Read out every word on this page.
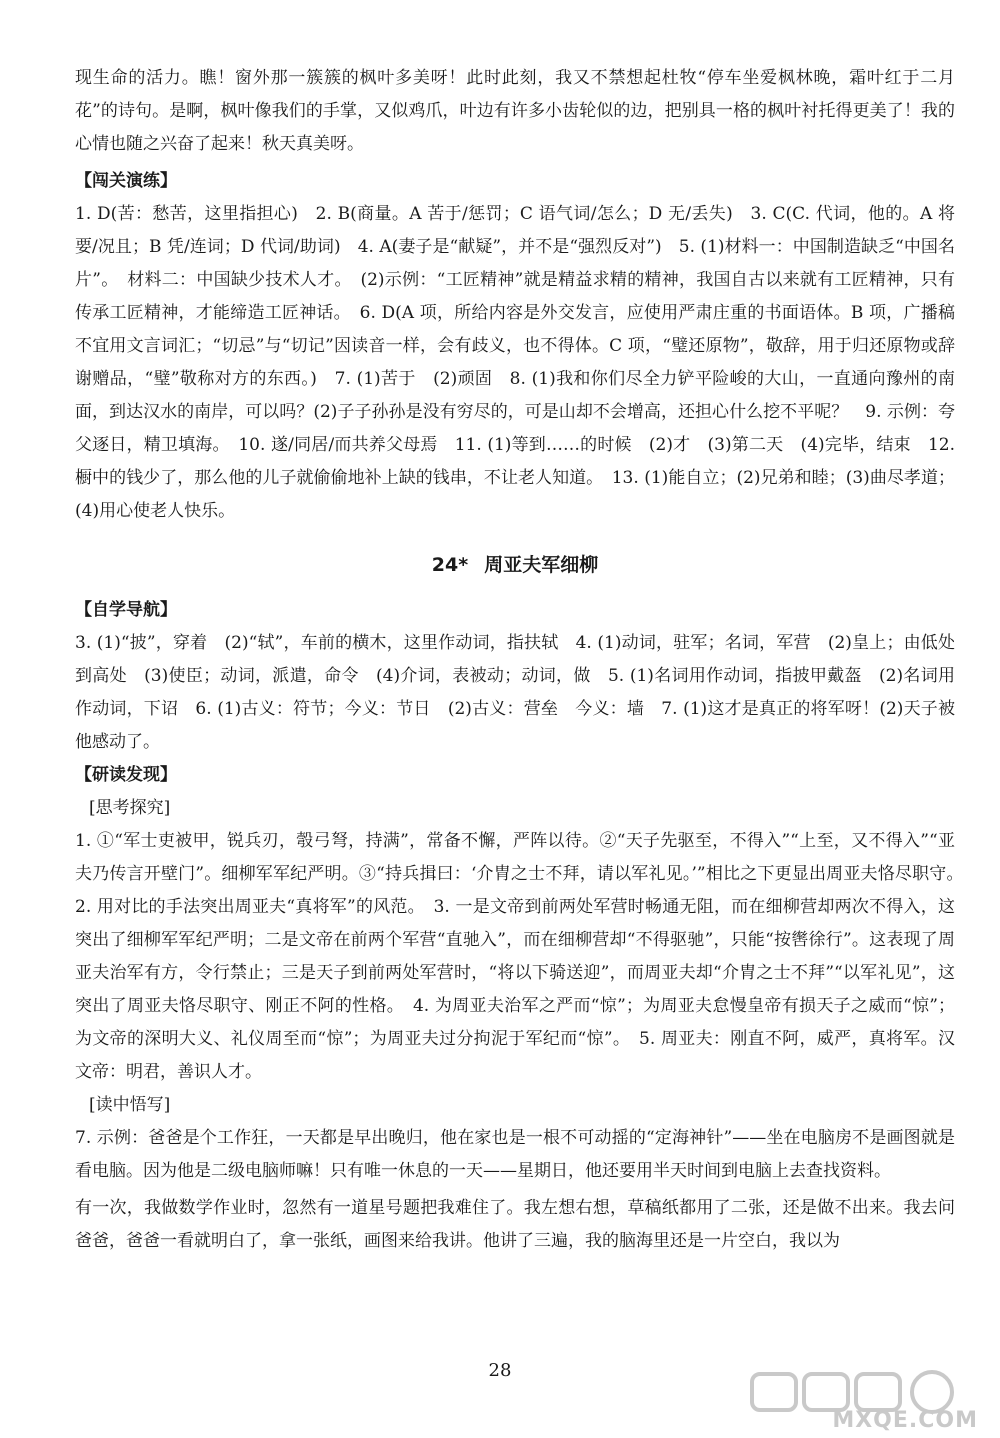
现生命的活力。瞧！窗外那一簇簇的枫叶多美呀！此时此刻，我又不禁想起杜牧“停车坐爱枫林晚，霜叶红于二月花”的诗句。是啊，枫叶像我们的手掌，又似鸡爪，叶边有许多小齿轮似的边，把别具一格的枫叶衬托得更美了！我的心情也随之兴奋了起来！秋天真美呀。

【闯关演练】

1. D(苦：愁苦，这里指担心)　2. B(商量。A 苦于/惩罚；C 语气词/怎么；D 无/丢失)　3. C(C. 代词，他的。A 将要/况且；B 凭/连词；D 代词/助词)　4. A(妻子是“献疑”，并不是“强烈反对”)　5. (1)材料一：中国制造缺乏“中国名片”。　材料二：中国缺少技术人才。　(2)示例：“工匠精神”就是精益求精的精神，我国自古以来就有工匠精神，只有传承工匠精神，才能缔造工匠神话。　6. D(A 项，所给内容是外交发言，应使用严肃庄重的书面语体。B 项，广播稿不宜用文言词汇；“切忌”与“切记”因读音一样，会有歧义，也不得体。C 项，“璧还原物”，敬辞，用于归还原物或辞谢赠品，“璧”敬称对方的东西。)　7. (1)苦于　(2)顽固　8. (1)我和你们尽全力铲平险峻的大山，一直通向豫州的南面，到达汉水的南岸，可以吗？(2)子子孙孙是没有穷尽的，可是山却不会增高，还担心什么挖不平呢？　9. 示例：夸父逐日，精卫填海。　10. 遂/同居/而共养父母焉　11. (1)等到……的时候　(2)才　(3)第二天　(4)完毕，结束　12. 橱中的钱少了，那么他的儿子就偷偷地补上缺的钱串，不让老人知道。　13. (1)能自立；(2)兄弟和睦；(3)曲尽孝道；(4)用心使老人快乐。

24* 周亚夫军细柳

【自学导航】

3. (1)“披”，穿着　(2)“轼”，车前的横木，这里作动词，指扶轼　4. (1)动词，驻军；名词，军营　(2)皇上；由低处到高处　(3)使臣；动词，派遣，命令　(4)介词，表被动；动词，做　5. (1)名词用作动词，指披甲戴盔　(2)名词用作动词，下诏　6. (1)古义：符节；今义：节日　(2)古义：营垒　今义：墙　7. (1)这才是真正的将军呀！(2)天子被他感动了。

【研读发现】

[思考探究]

1. ①“军士吏被甲，锐兵刃，彀弓弩，持满”，常备不懈，严阵以待。②“天子先驱至，不得入”“上至，又不得入”“亚夫乃传言开壁门”。细柳军军纪严明。③“持兵揖曰：‘介胄之士不拜，请以军礼见。’”相比之下更显出周亚夫恪尽职守。　2. 用对比的手法突出周亚夫“真将军”的风范。　3. 一是文帝到前两处军营时畅通无阻，而在细柳营却两次不得入，这突出了细柳军军纪严明；二是文帝在前两个军营“直驰入”，而在细柳营却“不得驱驰”，只能“按辔徐行”。这表现了周亚夫治军有方，令行禁止；三是天子到前两处军营时，“将以下骑送迎”，而周亚夫却“介胄之士不拜”“以军礼见”，这突出了周亚夫恪尽职守、刚正不阿的性格。　4. 为周亚夫治军之严而“惊”；为周亚夫怠慢皇帝有损天子之威而“惊”；为文帝的深明大义、礼仪周至而“惊”；为周亚夫过分拘泥于军纪而“惊”。　5. 周亚夫：刚直不阿，威严，真将军。汉文帝：明君，善识人才。

[读中悟写]

7. 示例：爸爸是个工作狂，一天都是早出晚归，他在家也是一根不可动摇的“定海神针”——坐在电脑房不是画图就是看电脑。因为他是二级电脑师嘛！只有唯一休息的一天——星期日，他还要用半天时间到电脑上去查找资料。

有一次，我做数学作业时，忽然有一道星号题把我难住了。我左想右想，草稿纸都用了二张，还是做不出来。我去问爸爸，爸爸一看就明白了，拿一张纸，画图来给我讲。他讲了三遍，我的脑海里还是一片空白，我以为

28
MXQE.COM
